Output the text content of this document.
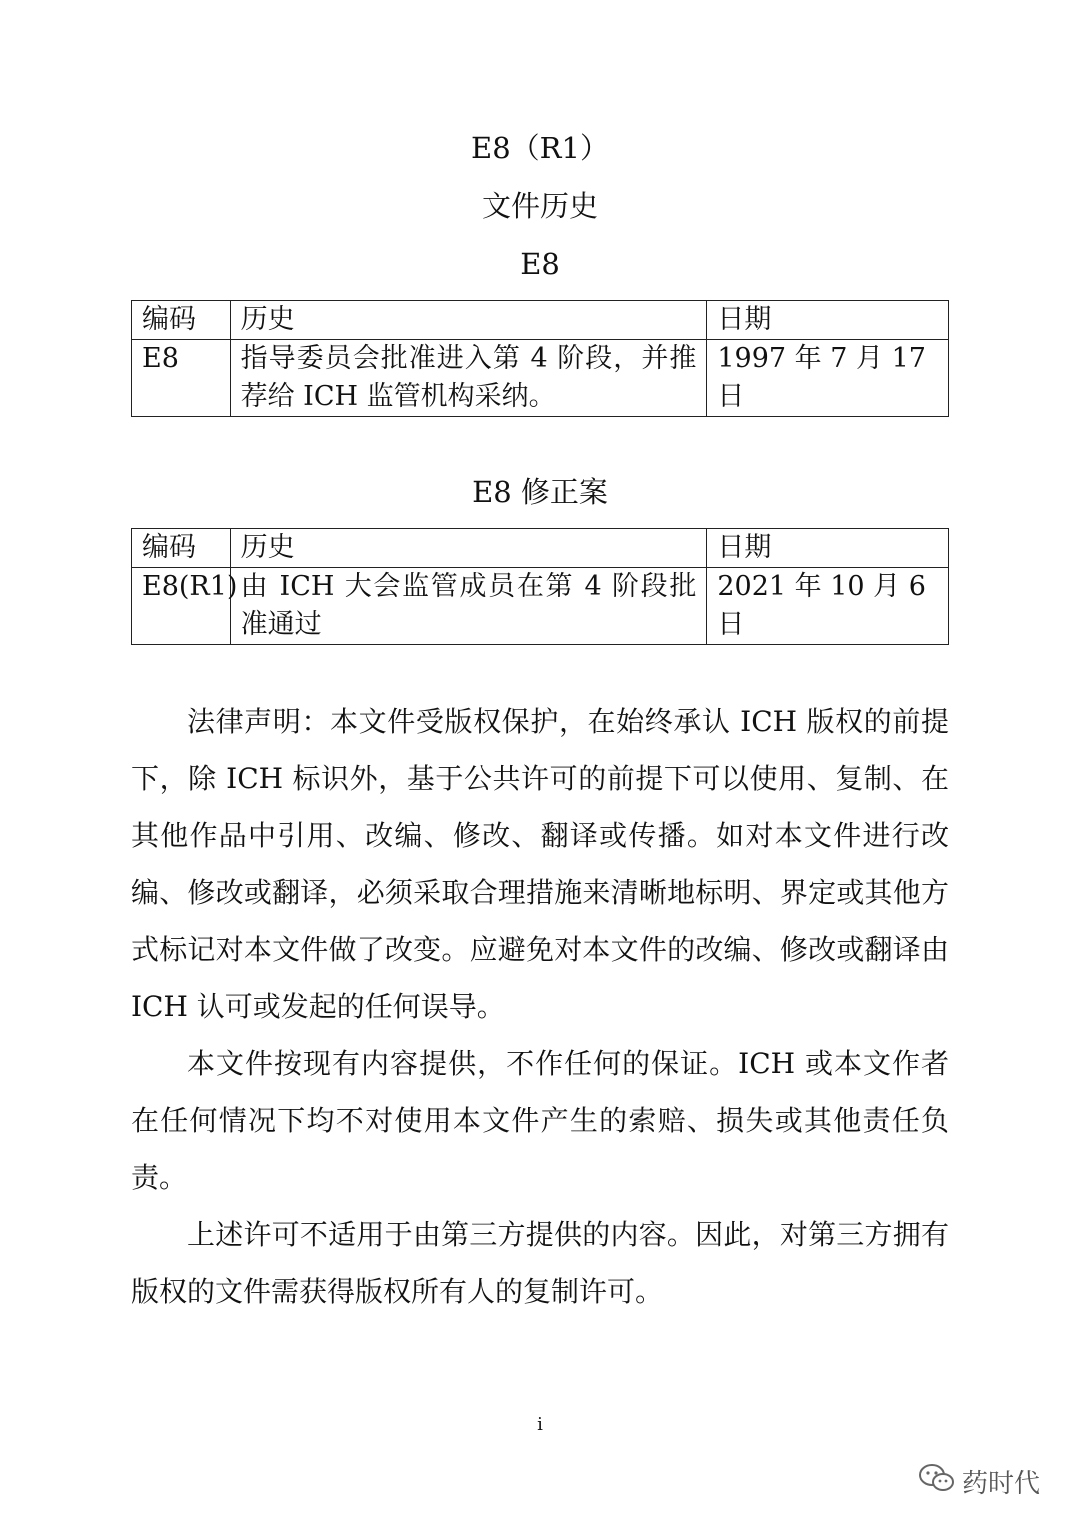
E8（R1）
文件历史
E8
编码	历史	日期
E8	指导委员会批准进入第 4 阶段，并推荐给 ICH 监管机构采纳。	1997 年 7 月 17 日
E8 修正案
编码	历史	日期
E8(R1)	由 ICH 大会监管成员在第 4 阶段批准通过	2021 年 10 月 6 日

法律声明：本文件受版权保护，在始终承认 ICH 版权的前提下，除 ICH 标识外，基于公共许可的前提下可以使用、复制、在其他作品中引用、改编、修改、翻译或传播。如对本文件进行改编、修改或翻译，必须采取合理措施来清晰地标明、界定或其他方式标记对本文件做了改变。应避免对本文件的改编、修改或翻译由 ICH 认可或发起的任何误导。

本文件按现有内容提供，不作任何的保证。ICH 或本文作者在任何情况下均不对使用本文件产生的索赔、损失或其他责任负责。

上述许可不适用于由第三方提供的内容。因此，对第三方拥有版权的文件需获得版权所有人的复制许可。

i
药时代
